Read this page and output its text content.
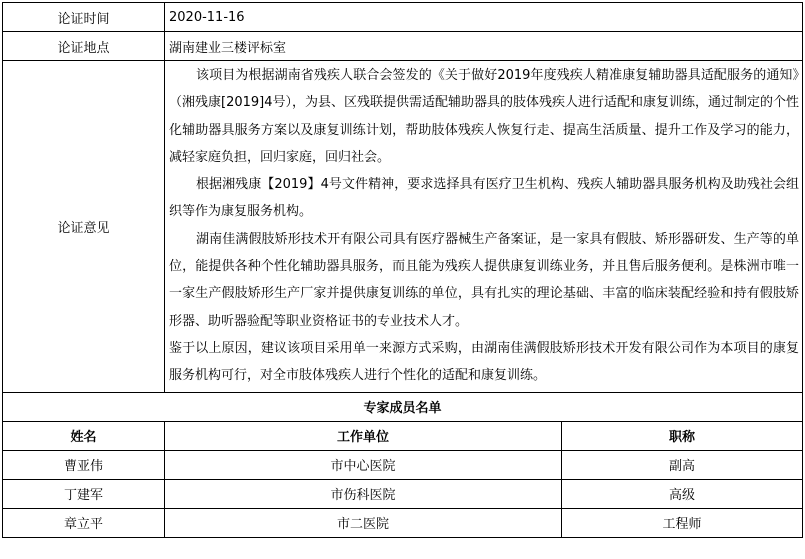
论证时间	2020-11-16	
论证地点	湖南建业三楼评标室	
论证意见	该项目为根据湖南省残疾人联合会签发的《关于做好2019年度残疾人精准康复辅助器具适配服务的通知》（湘残康[2019]4号），为县、区残联提供需适配辅助器具的肢体残疾人进行适配和康复训练，通过制定的个性化辅助器具服务方案以及康复训练计划，帮助肢体残疾人恢复行走、提高生活质量、提升工作及学习的能力，减轻家庭负担，回归家庭，回归社会。

根据湘残康【2019】4号文件精神，要求选择具有医疗卫生机构、残疾人辅助器具服务机构及助残社会组织等作为康复服务机构。

湖南佳满假肢矫形技术开有限公司具有医疗器械生产备案证，是一家具有假肢、矫形器研发、生产等的单位，能提供各种个性化辅助器具服务，而且能为残疾人提供康复训练业务，并且售后服务便利。是株洲市唯一一家生产假肢矫形生产厂家并提供康复训练的单位，具有扎实的理论基础、丰富的临床装配经验和持有假肢矫形器、助听器验配等职业资格证书的专业技术人才。

鉴于以上原因，建议该项目采用单一来源方式采购，由湖南佳满假肢矫形技术开发有限公司作为本项目的康复服务机构可行，对全市肢体残疾人进行个性化的适配和康复训练。	

专家成员名单		
姓名	工作单位	职称
曹亚伟	市中心医院	副高
丁建军	市伤科医院	高级
章立平	市二医院	工程师
